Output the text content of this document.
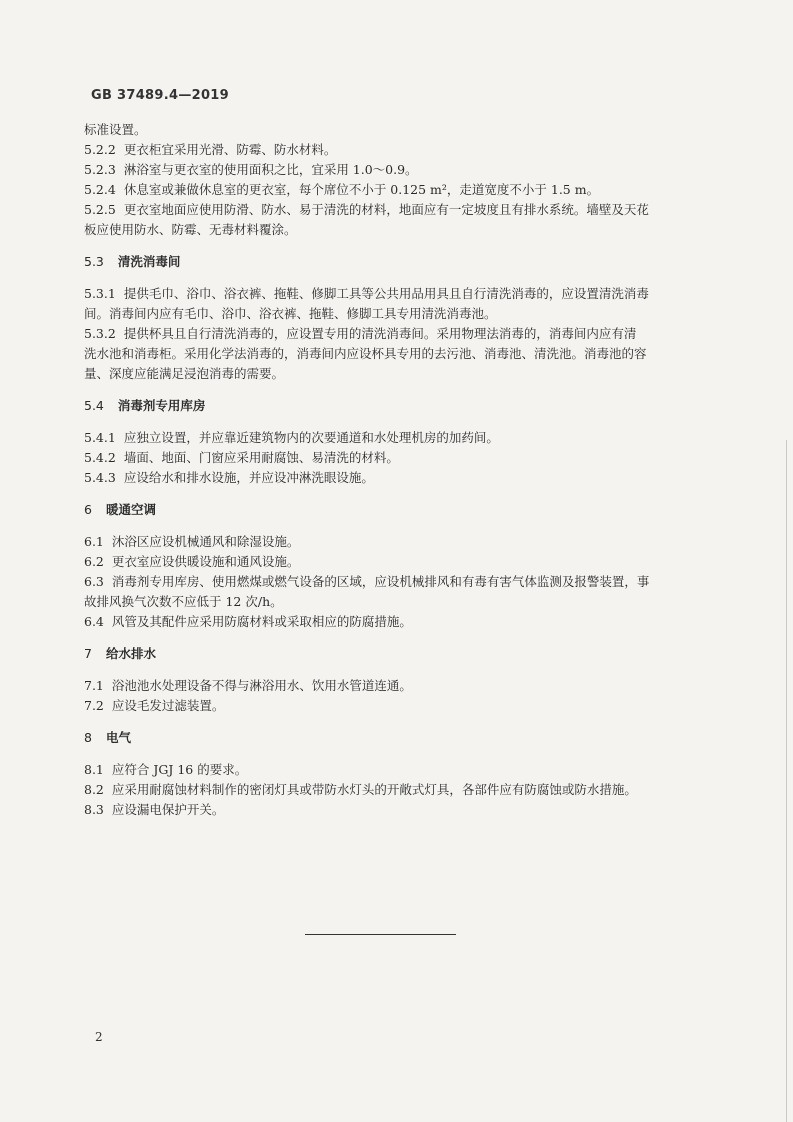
GB 37489.4—2019
标准设置。
5.2.2 更衣柜宜采用光滑、防霉、防水材料。
5.2.3 淋浴室与更衣室的使用面积之比，宜采用 1.0～0.9。
5.2.4 休息室或兼做休息室的更衣室，每个席位不小于 0.125 m²，走道宽度不小于 1.5 m。
5.2.5 更衣室地面应使用防滑、防水、易于清洗的材料，地面应有一定坡度且有排水系统。墙壁及天花
板应使用防水、防霉、无毒材料覆涂。
5.3 清洗消毒间
5.3.1 提供毛巾、浴巾、浴衣裤、拖鞋、修脚工具等公共用品用具且自行清洗消毒的，应设置清洗消毒
间。消毒间内应有毛巾、浴巾、浴衣裤、拖鞋、修脚工具专用清洗消毒池。
5.3.2 提供杯具且自行清洗消毒的，应设置专用的清洗消毒间。采用物理法消毒的，消毒间内应有清
洗水池和消毒柜。采用化学法消毒的，消毒间内应设杯具专用的去污池、消毒池、清洗池。消毒池的容
量、深度应能满足浸泡消毒的需要。
5.4 消毒剂专用库房
5.4.1 应独立设置，并应靠近建筑物内的次要通道和水处理机房的加药间。
5.4.2 墙面、地面、门窗应采用耐腐蚀、易清洗的材料。
5.4.3 应设给水和排水设施，并应设冲淋洗眼设施。
6 暖通空调
6.1 沐浴区应设机械通风和除湿设施。
6.2 更衣室应设供暖设施和通风设施。
6.3 消毒剂专用库房、使用燃煤或燃气设备的区域，应设机械排风和有毒有害气体监测及报警装置，事
故排风换气次数不应低于 12 次/h。
6.4 风管及其配件应采用防腐材料或采取相应的防腐措施。
7 给水排水
7.1 浴池池水处理设备不得与淋浴用水、饮用水管道连通。
7.2 应设毛发过滤装置。
8 电气
8.1 应符合 JGJ 16 的要求。
8.2 应采用耐腐蚀材料制作的密闭灯具或带防水灯头的开敞式灯具，各部件应有防腐蚀或防水措施。
8.3 应设漏电保护开关。
2
